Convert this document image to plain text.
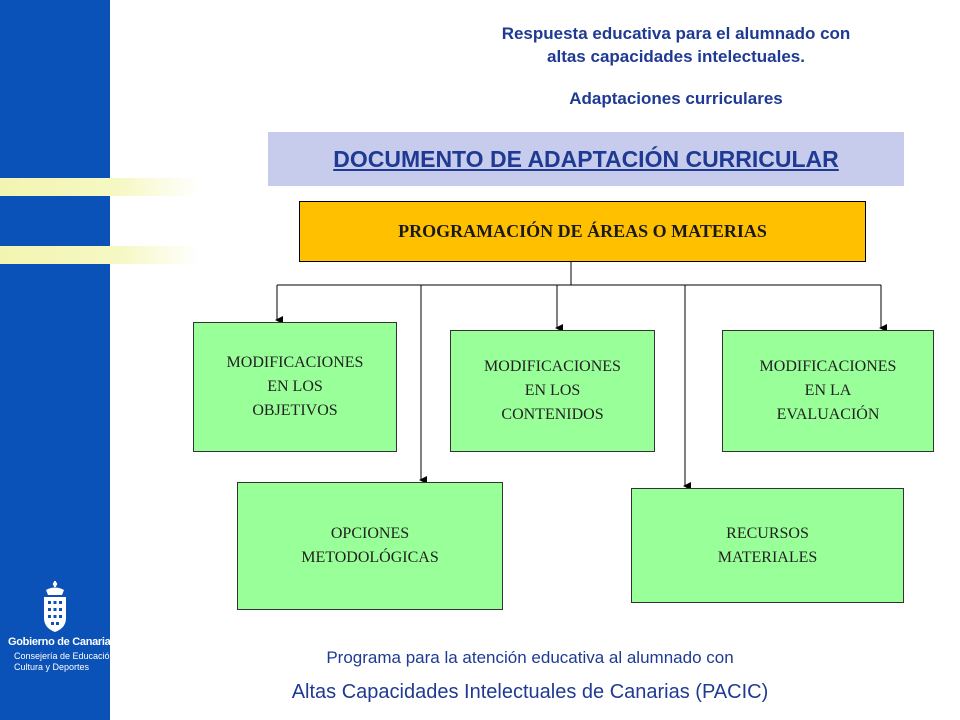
Gobierno de Canarias
Consejería de Educación,
Cultura y Deportes
Respuesta educativa para el alumnado con
altas capacidades intelectuales.
Adaptaciones curriculares
DOCUMENTO DE ADAPTACIÓN CURRICULAR
PROGRAMACIÓN DE ÁREAS O MATERIAS
MODIFICACIONES
EN LOS
OBJETIVOS
MODIFICACIONES
EN LOS
CONTENIDOS
MODIFICACIONES
EN LA
EVALUACIÓN
OPCIONES
METODOLÓGICAS
RECURSOS
MATERIALES
Programa para la atención educativa al alumnado con
Altas Capacidades Intelectuales de Canarias (PACIC)
